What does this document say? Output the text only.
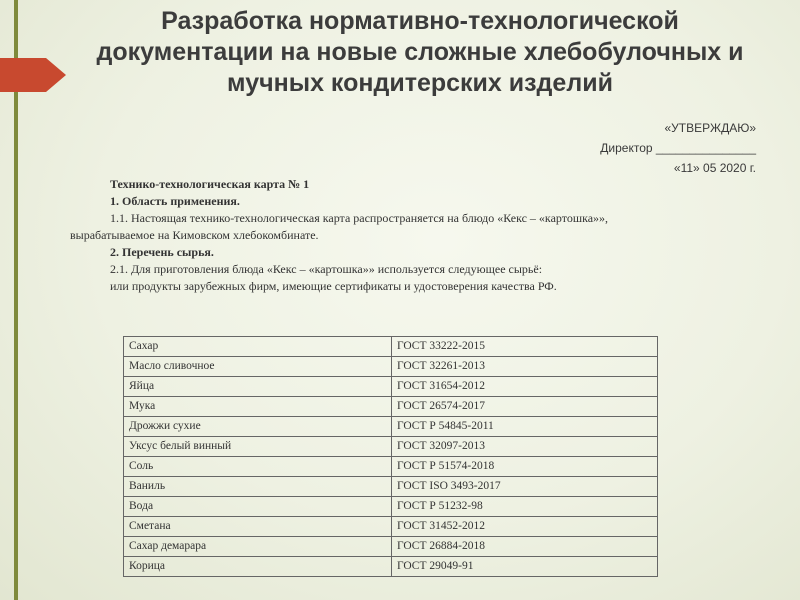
Разработка нормативно-технологической
документации на новые сложные хлебобулочных и
мучных кондитерских изделий
«УТВЕРЖДАЮ»
Директор _______________
«11» 05 2020 г.
Технико-технологическая карта № 1
1. Область применения.
1.1. Настоящая технико-технологическая карта распространяется на блюдо «Кекс – «картошка»»,
вырабатываемое на Кимовском хлебокомбинате.
2. Перечень сырья.
2.1. Для приготовления блюда «Кекс – «картошка»» используется следующее сырьё:
или продукты зарубежных фирм, имеющие сертификаты и удостоверения качества РФ.
Сахар	ГОСТ 33222-2015
Масло сливочное	ГОСТ 32261-2013
Яйца	ГОСТ 31654-2012
Мука	ГОСТ 26574-2017
Дрожжи сухие	ГОСТ Р 54845-2011
Уксус белый винный	ГОСТ 32097-2013
Соль	ГОСТ Р 51574-2018
Ваниль	ГОСТ ISO 3493-2017
Вода	ГОСТ Р 51232-98
Сметана	ГОСТ 31452-2012
Сахар демарара	ГОСТ 26884-2018
Корица	ГОСТ 29049-91
